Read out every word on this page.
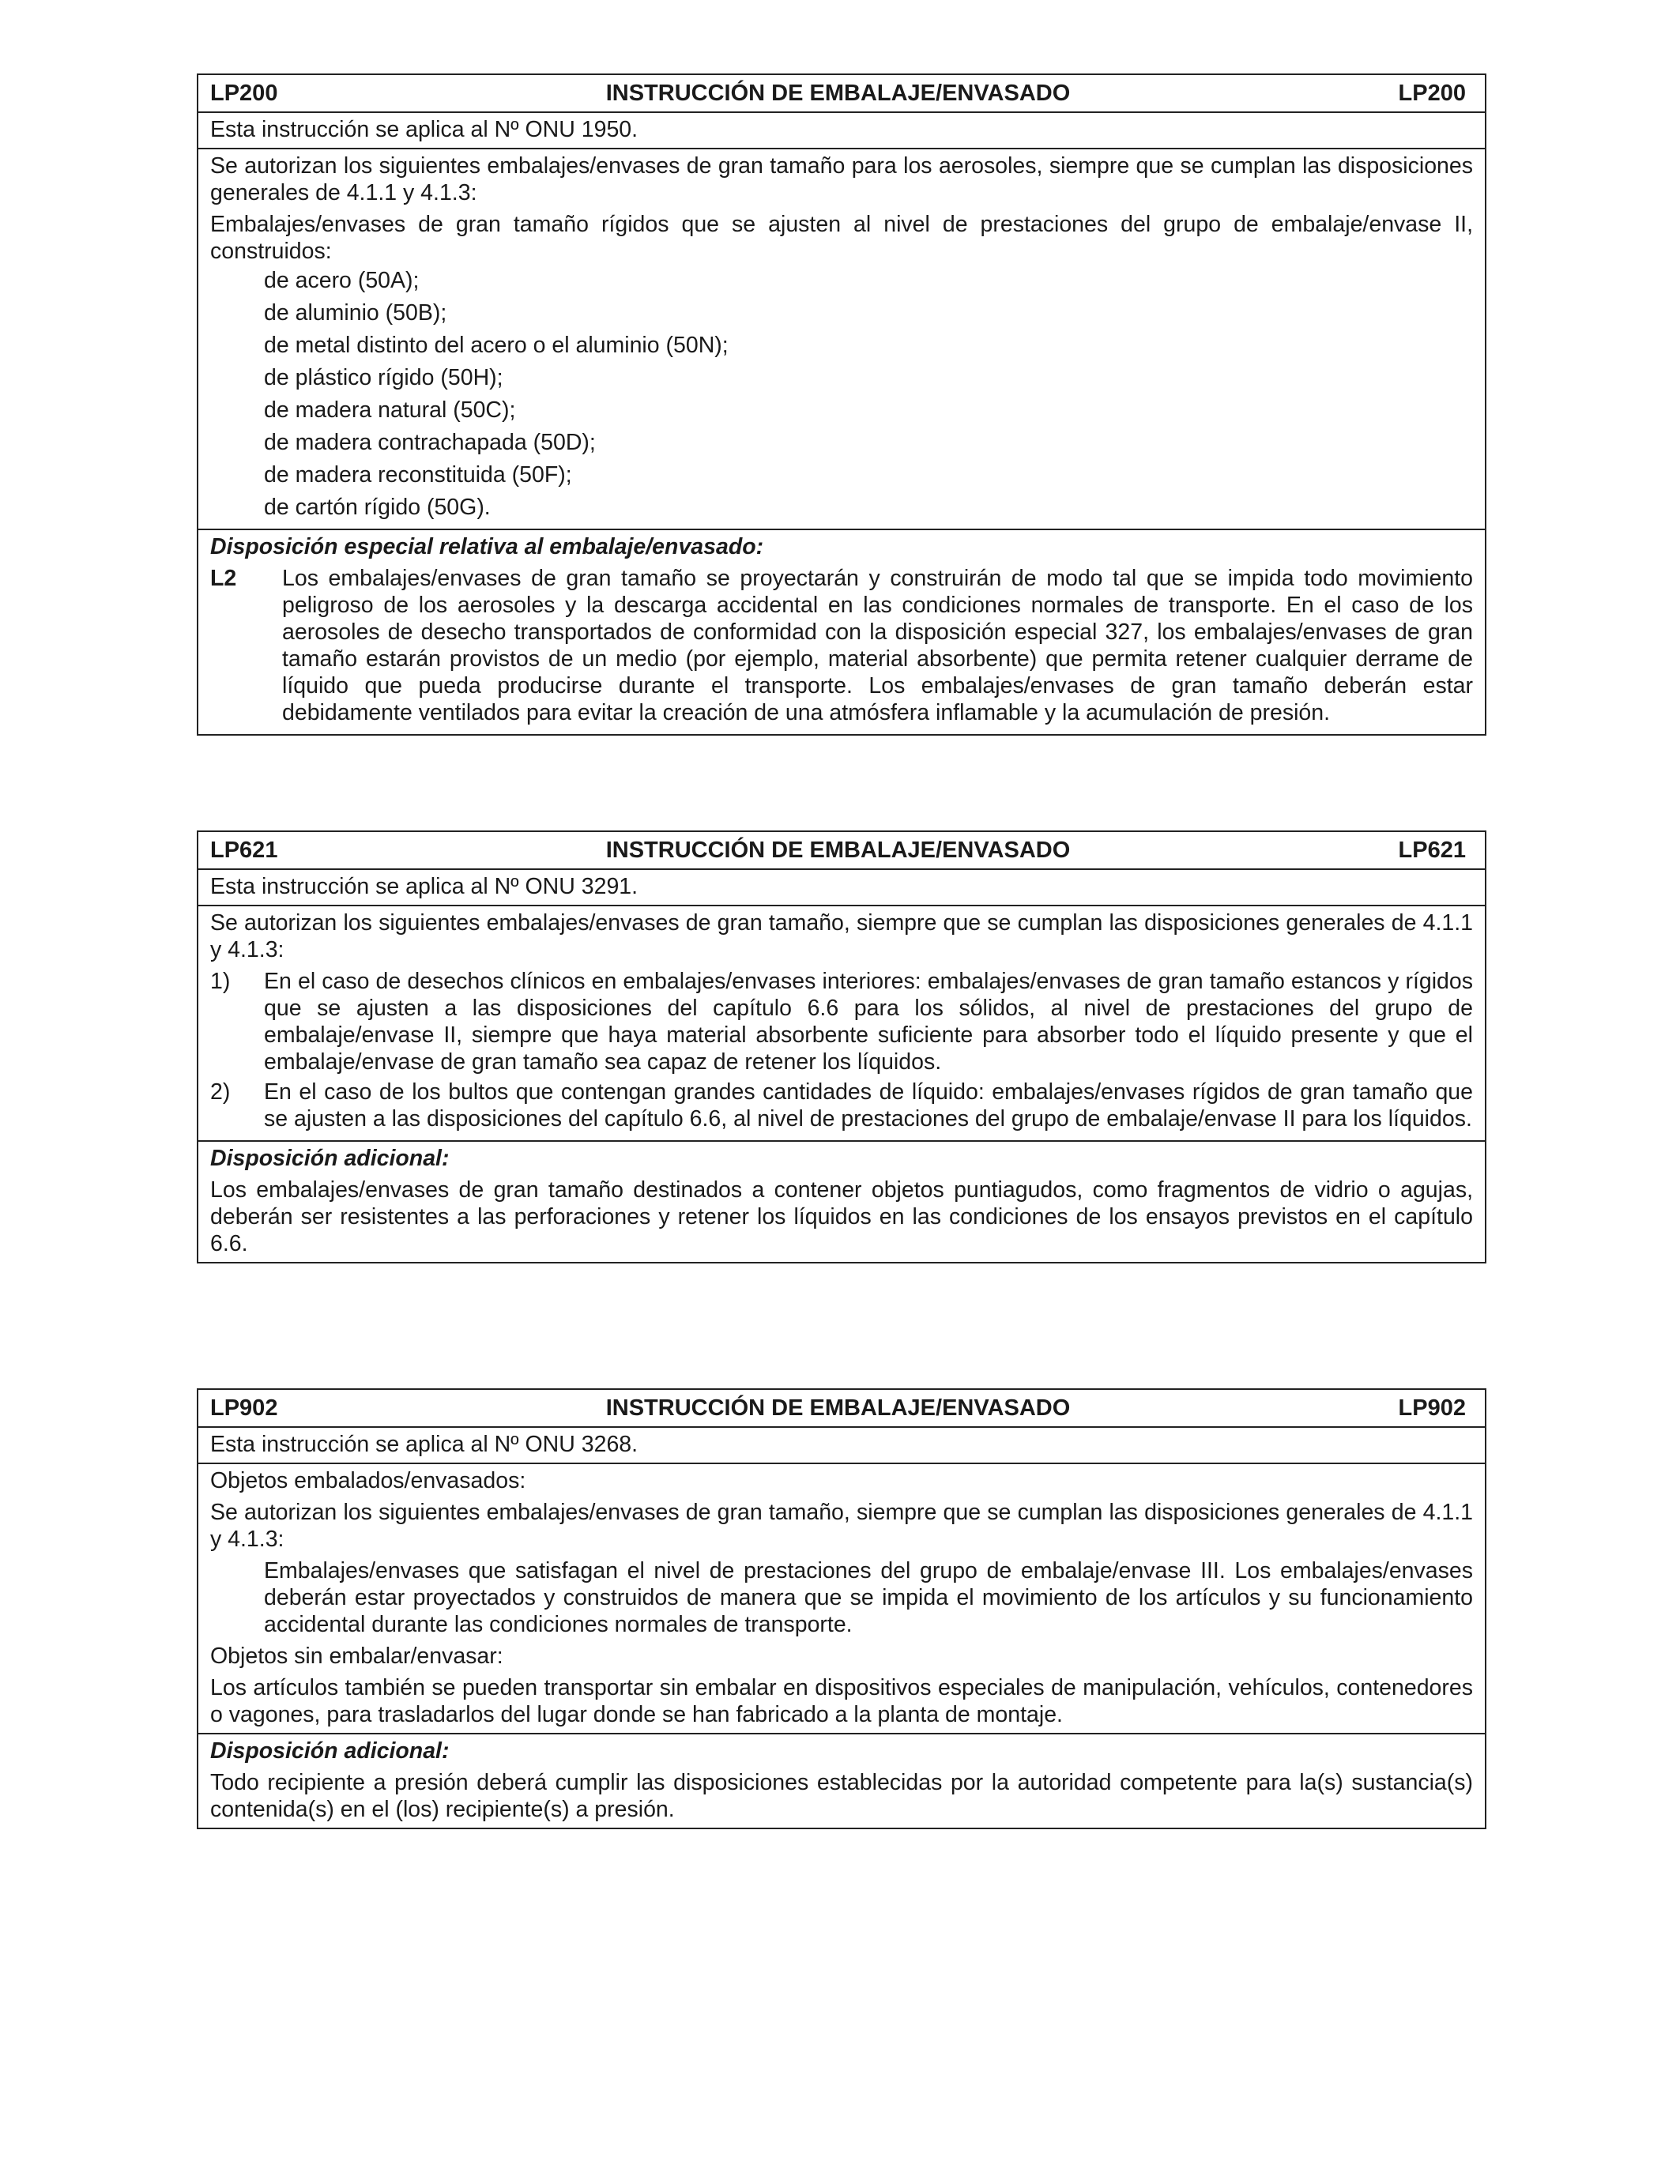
LP200	INSTRUCCIÓN DE EMBALAJE/ENVASADO	LP200
Esta instrucción se aplica al Nº ONU 1950.
Se autorizan los siguientes embalajes/envases de gran tamaño para los aerosoles, siempre que se cumplan las disposiciones generales de 4.1.1 y 4.1.3:
Embalajes/envases de gran tamaño rígidos que se ajusten al nivel de prestaciones del grupo de embalaje/envase II, construidos:
de acero (50A);
de aluminio (50B);
de metal distinto del acero o el aluminio (50N);
de plástico rígido (50H);
de madera natural (50C);
de madera contrachapada (50D);
de madera reconstituida (50F);
de cartón rígido (50G).
Disposición especial relativa al embalaje/envasado:
L2	Los embalajes/envases de gran tamaño se proyectarán y construirán de modo tal que se impida todo movimiento peligroso de los aerosoles y la descarga accidental en las condiciones normales de transporte. En el caso de los aerosoles de desecho transportados de conformidad con la disposición especial 327, los embalajes/envases de gran tamaño estarán provistos de un medio (por ejemplo, material absorbente) que permita retener cualquier derrame de líquido que pueda producirse durante el transporte. Los embalajes/envases de gran tamaño deberán estar debidamente ventilados para evitar la creación de una atmósfera inflamable y la acumulación de presión.
LP621	INSTRUCCIÓN DE EMBALAJE/ENVASADO	LP621
Esta instrucción se aplica al Nº ONU 3291.
Se autorizan los siguientes embalajes/envases de gran tamaño, siempre que se cumplan las disposiciones generales de 4.1.1 y 4.1.3:
1)	En el caso de desechos clínicos en embalajes/envases interiores: embalajes/envases de gran tamaño estancos y rígidos que se ajusten a las disposiciones del capítulo 6.6 para los sólidos, al nivel de prestaciones del grupo de embalaje/envase II, siempre que haya material absorbente suficiente para absorber todo el líquido presente y que el embalaje/envase de gran tamaño sea capaz de retener los líquidos.
2)	En el caso de los bultos que contengan grandes cantidades de líquido: embalajes/envases rígidos de gran tamaño que se ajusten a las disposiciones del capítulo 6.6, al nivel de prestaciones del grupo de embalaje/envase II para los líquidos.
Disposición adicional:
Los embalajes/envases de gran tamaño destinados a contener objetos puntiagudos, como fragmentos de vidrio o agujas, deberán ser resistentes a las perforaciones y retener los líquidos en las condiciones de los ensayos previstos en el capítulo 6.6.
LP902	INSTRUCCIÓN DE EMBALAJE/ENVASADO	LP902
Esta instrucción se aplica al Nº ONU 3268.
Objetos embalados/envasados:
Se autorizan los siguientes embalajes/envases de gran tamaño, siempre que se cumplan las disposiciones generales de 4.1.1 y 4.1.3:
Embalajes/envases que satisfagan el nivel de prestaciones del grupo de embalaje/envase III. Los embalajes/envases deberán estar proyectados y construidos de manera que se impida el movimiento de los artículos y su funcionamiento accidental durante las condiciones normales de transporte.
Objetos sin embalar/envasar:
Los artículos también se pueden transportar sin embalar en dispositivos especiales de manipulación, vehículos, contenedores o vagones, para trasladarlos del lugar donde se han fabricado a la planta de montaje.
Disposición adicional:
Todo recipiente a presión deberá cumplir las disposiciones establecidas por la autoridad competente para la(s) sustancia(s) contenida(s) en el (los) recipiente(s) a presión.
